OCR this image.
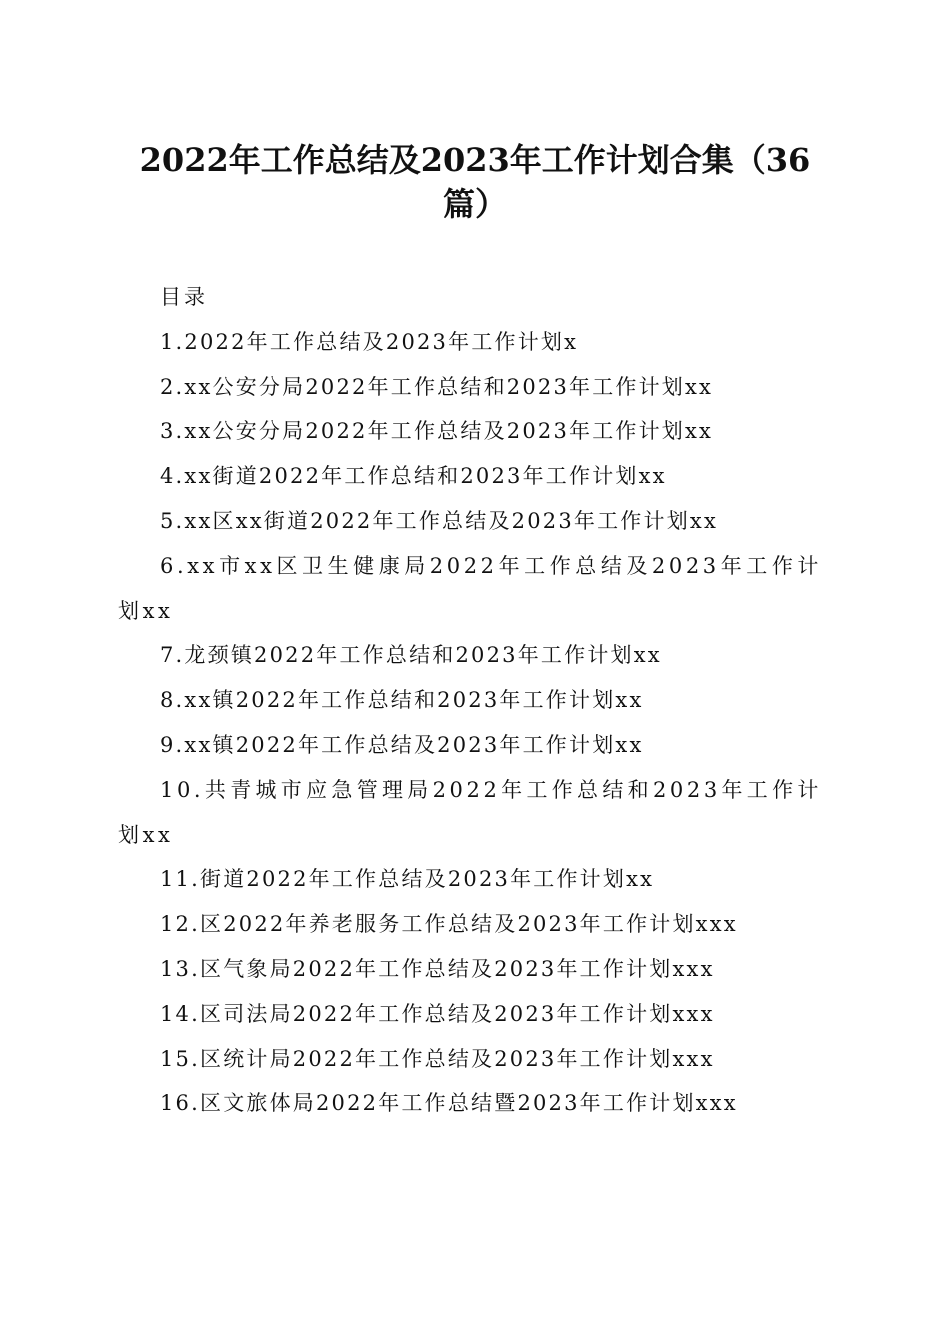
2022年工作总结及2023年工作计划合集（36篇）
目录
1.2022年工作总结及2023年工作计划x
2.xx公安分局2022年工作总结和2023年工作计划xx
3.xx公安分局2022年工作总结及2023年工作计划xx
4.xx街道2022年工作总结和2023年工作计划xx
5.xx区xx街道2022年工作总结及2023年工作计划xx
6.xx市xx区卫生健康局2022年工作总结及2023年工作计划xx
7.龙颈镇2022年工作总结和2023年工作计划xx
8.xx镇2022年工作总结和2023年工作计划xx
9.xx镇2022年工作总结及2023年工作计划xx
10.共青城市应急管理局2022年工作总结和2023年工作计划xx
11.街道2022年工作总结及2023年工作计划xx
12.区2022年养老服务工作总结及2023年工作计划xxx
13.区气象局2022年工作总结及2023年工作计划xxx
14.区司法局2022年工作总结及2023年工作计划xxx
15.区统计局2022年工作总结及2023年工作计划xxx
16.区文旅体局2022年工作总结暨2023年工作计划xxx
